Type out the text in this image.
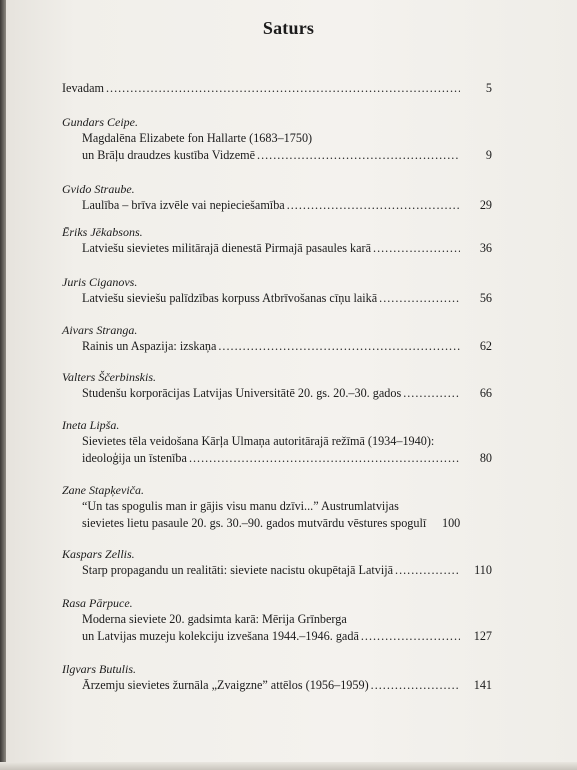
Saturs
Ievadam .....	5
Gundars Ceipe.
Magdalēna Elizabete fon Hallarte (1683–1750)
un Brāļu draudzes kustība Vidzemē .....	9
Gvido Straube.
Laulība – brīva izvēle vai nepieciešamība .....	29
Ēriks Jēkabsons.
Latviešu sievietes militārajā dienestā Pirmajā pasaules karā .....	36
Juris Ciganovs.
Latviešu sieviešu palīdzības korpuss Atbrīvošanas cīņu laikā .....	56
Aivars Stranga.
Rainis un Aspazija: izskaņa .....	62
Valters Ščerbinskis.
Studenšu korporācijas Latvijas Universitātē 20. gs. 20.–30. gados .....	66
Ineta Lipša.
Sievietes tēla veidošana Kārļa Ulmaņa autoritārajā režīmā (1934–1940):
ideoloģija un īstenība .....	80
Zane Stapķeviča.
“Un tas spogulis man ir gājis visu manu dzīvi...” Austrumlatvijas
sievietes lietu pasaule 20. gs. 30.–90. gados mutvārdu vēstures spogulī	100
Kaspars Zellis.
Starp propagandu un realitāti: sieviete nacistu okupētajā Latvijā .....	110
Rasa Pārpuce.
Moderna sieviete 20. gadsimta karā: Mērija Grīnberga
un Latvijas muzeju kolekciju izvešana 1944.–1946. gadā .....	127
Ilgvars Butulis.
Ārzemju sievietes žurnāla „Zvaigzne” attēlos (1956–1959) .....	141
